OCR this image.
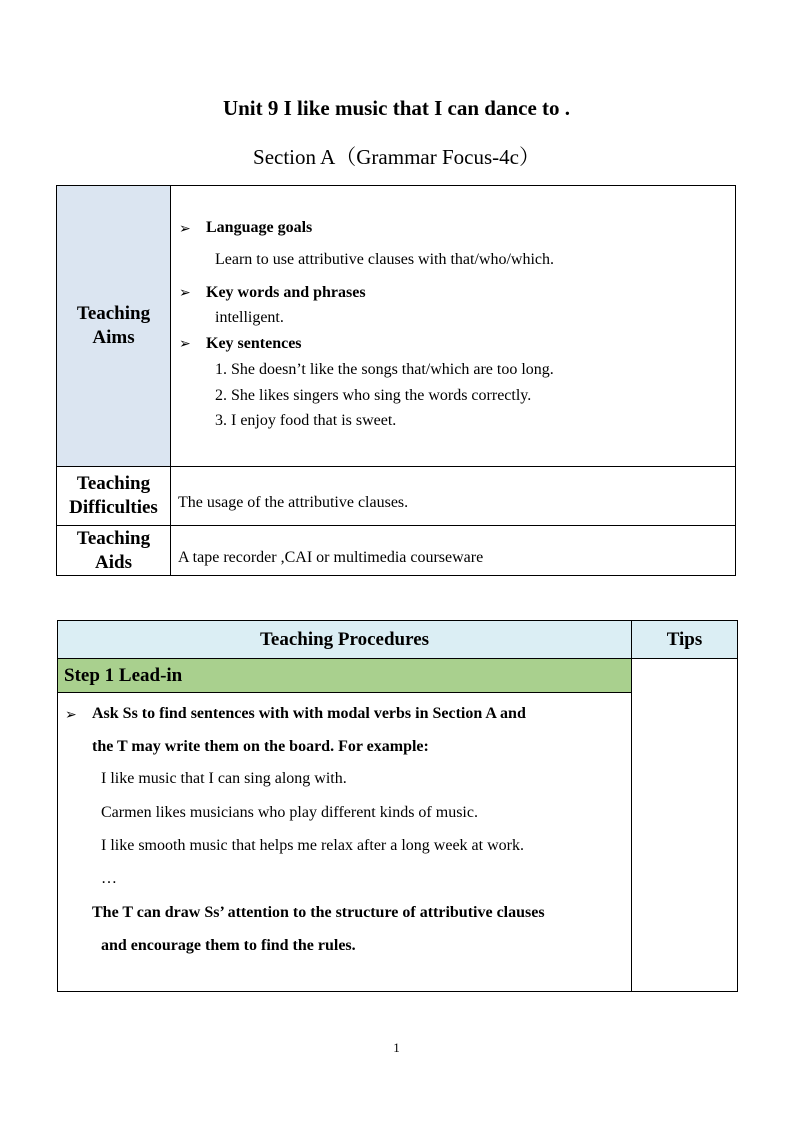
Unit 9 I like music that I can dance to .
Section A（Grammar Focus-4c）
Teaching Aims
Teaching Difficulties
Teaching Aids
➢ Language goals
Learn to use attributive clauses with that/who/which.
➢ Key words and phrases
intelligent.
➢ Key sentences
1. She doesn’t like the songs that/which are too long.
2. She likes singers who sing the words correctly.
3. I enjoy food that is sweet.
The usage of the attributive clauses.
A tape recorder ,CAI or multimedia courseware
Teaching Procedures	Tips
Step 1 Lead-in
➢ Ask Ss to find sentences with with modal verbs in Section A and
the T may write them on the board. For example:
I like music that I can sing along with.
Carmen likes musicians who play different kinds of music.
I like smooth music that helps me relax after a long week at work.
…
The T can draw Ss’ attention to the structure of attributive clauses
and encourage them to find the rules.
1
